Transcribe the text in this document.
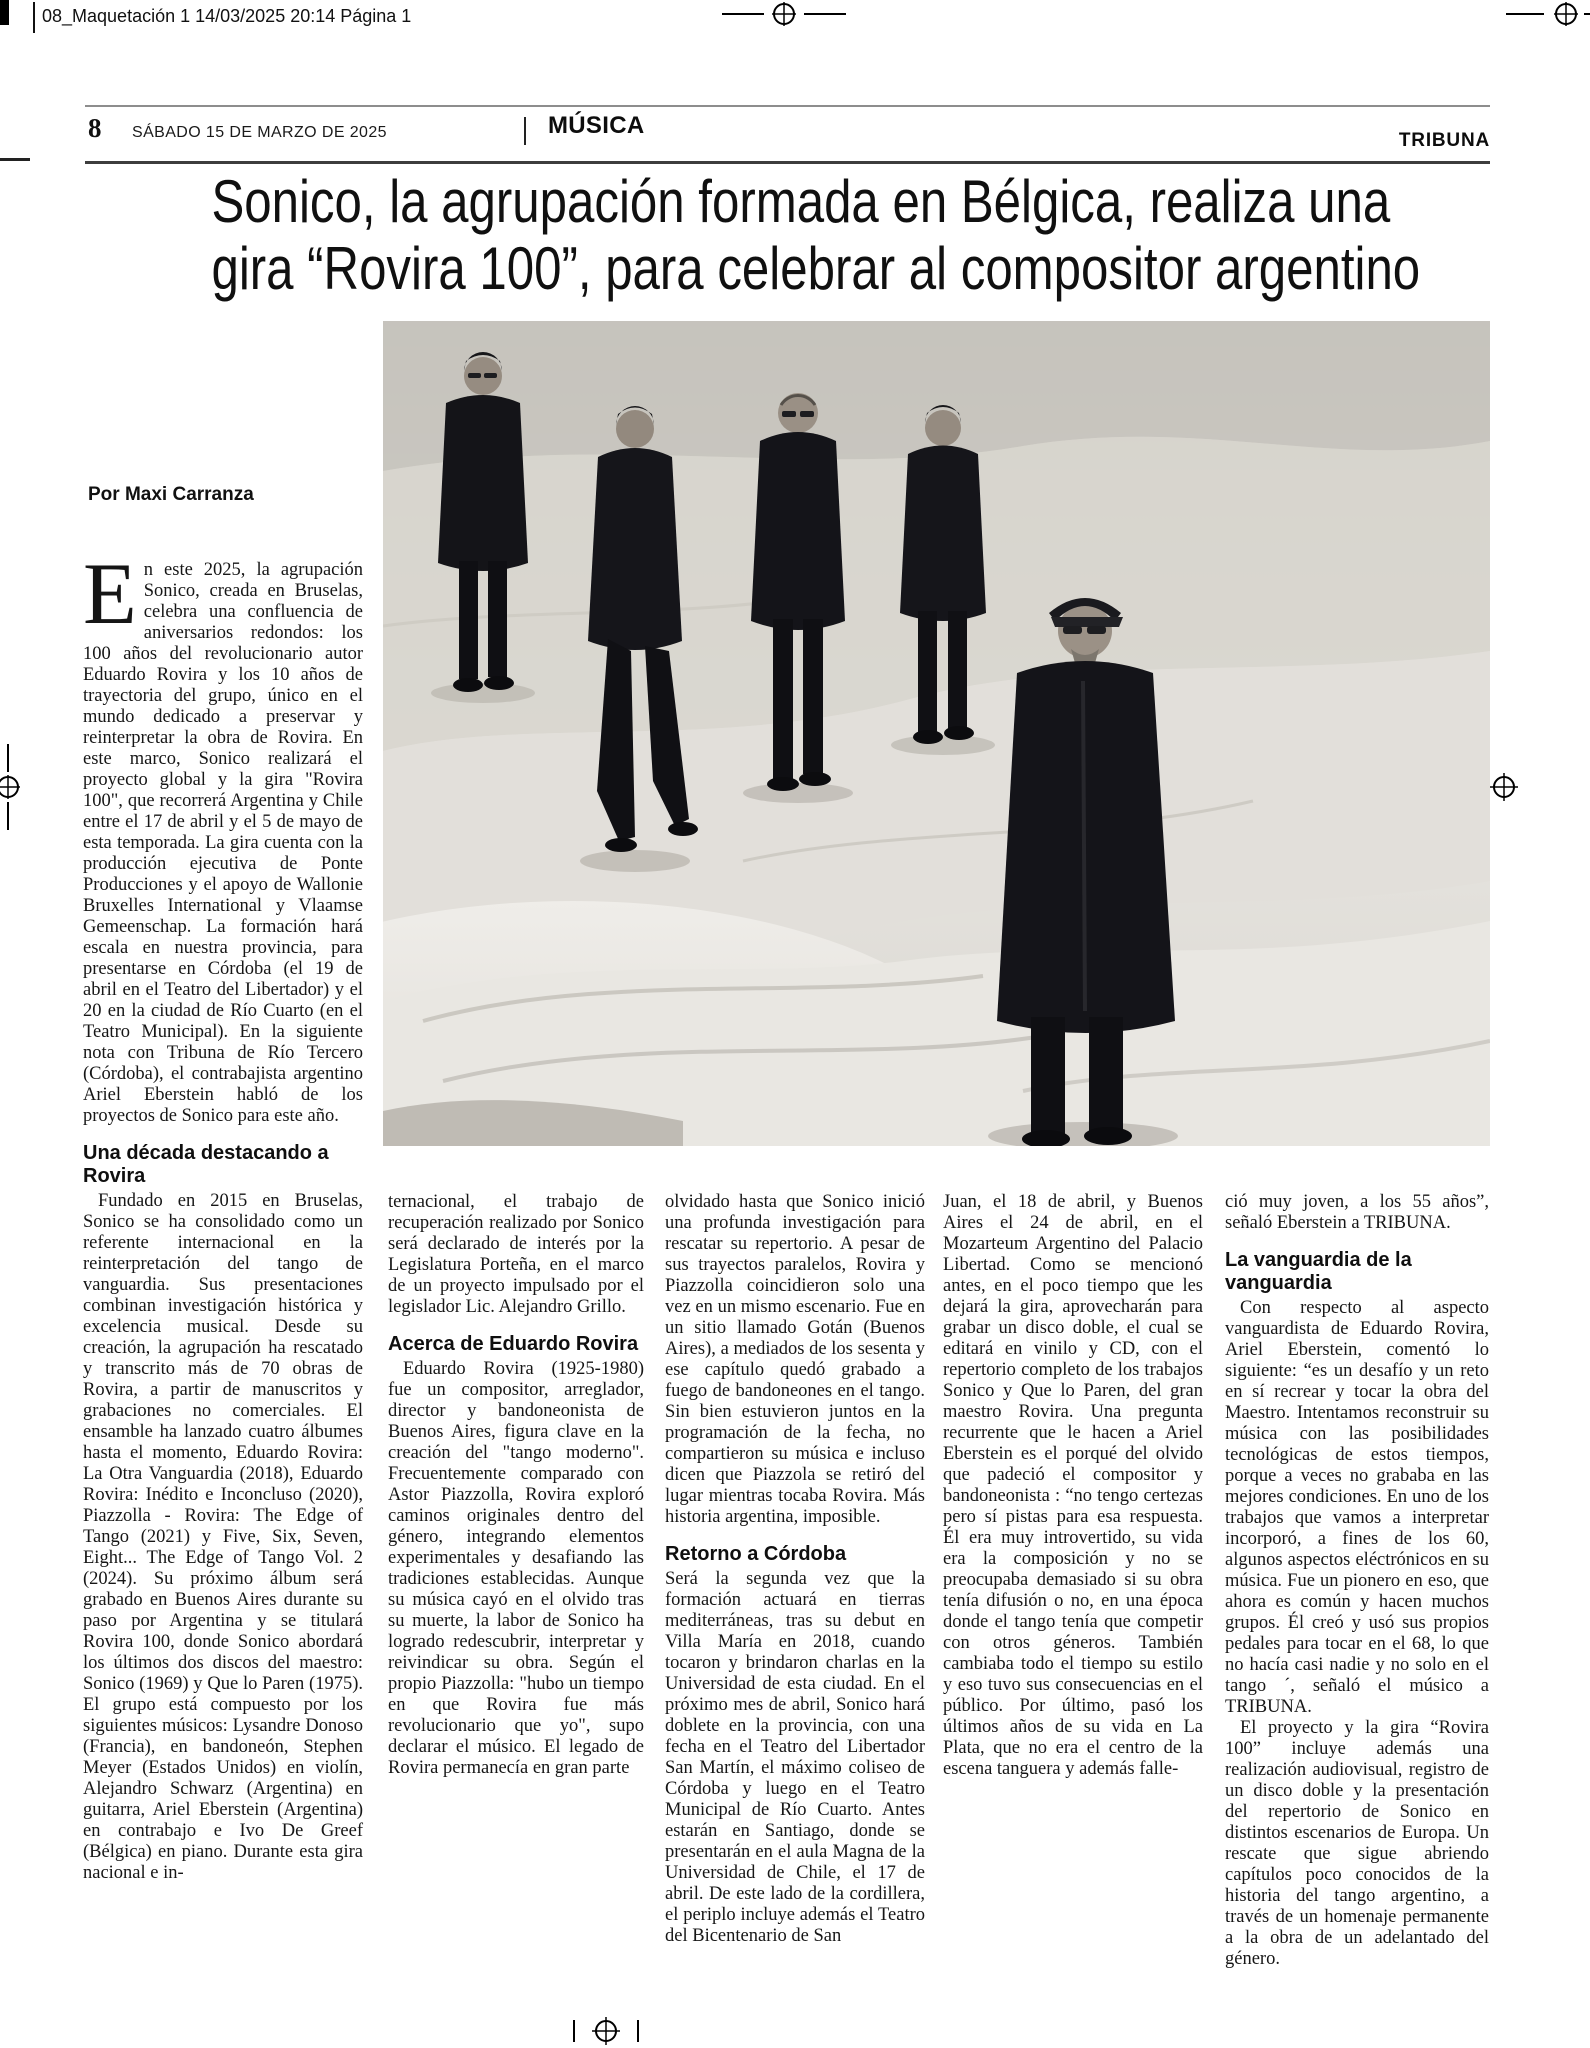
08_Maquetación 1 14/03/2025 20:14 Página 1
8 SÁBADO 15 DE MARZO DE 2025	MÚSICA
TRIBUNA
Sonico, la agrupación formada en Bélgica, realiza una
gira “Rovira 100”, para celebrar al compositor argentino
Por Maxi Carranza

En este 2025, la agrupación Sonico, creada en Bruselas, celebra una confluencia de aniversarios redondos: los 100 años del revolucionario autor Eduardo Rovira y los 10 años de trayectoria del grupo, único en el mundo dedicado a preservar y reinterpretar la obra de Rovira. En este marco, Sonico realizará el proyecto global y la gira "Rovira 100", que recorrerá Argentina y Chile entre el 17 de abril y el 5 de mayo de esta temporada. La gira cuenta con la producción ejecutiva de Ponte Producciones y el apoyo de Wallonie Bruxelles International y Vlaamse Gemeenschap. La formación hará escala en nuestra provincia, para presentarse en Córdoba (el 19 de abril en el Teatro del Libertador) y el 20 en la ciudad de Río Cuarto (en el Teatro Municipal). En la siguiente nota con Tribuna de Río Tercero (Córdoba), el contrabajista argentino Ariel Eberstein habló de los proyectos de Sonico para este año.

Una década destacando a Rovira

Fundado en 2015 en Bruselas, Sonico se ha consolidado como un referente internacional en la reinterpretación del tango de vanguardia. Sus presentaciones combinan investigación histórica y excelencia musical. Desde su creación, la agrupación ha rescatado y transcrito más de 70 obras de Rovira, a partir de manuscritos y grabaciones no comerciales. El ensamble ha lanzado cuatro álbumes hasta el momento, Eduardo Rovira: La Otra Vanguardia (2018), Eduardo Rovira: Inédito e Inconcluso (2020), Piazzolla - Rovira: The Edge of Tango (2021) y Five, Six, Seven, Eight... The Edge of Tango Vol. 2 (2024). Su próximo álbum será grabado en Buenos Aires durante su paso por Argentina y se titulará Rovira 100, donde Sonico abordará los últimos dos discos del maestro: Sonico (1969) y Que lo Paren (1975). El grupo está compuesto por los siguientes músicos: Lysandre Donoso (Francia), en bandoneón, Stephen Meyer (Estados Unidos) en violín, Alejandro Schwarz (Argentina) en guitarra, Ariel Eberstein (Argentina) en contrabajo e Ivo De Greef (Bélgica) en piano. Durante esta gira nacional e in-

ternacional, el trabajo de recuperación realizado por Sonico será declarado de interés por la Legislatura Porteña, en el marco de un proyecto impulsado por el legislador Lic. Alejandro Grillo.

Acerca de Eduardo Rovira

Eduardo Rovira (1925-1980) fue un compositor, arreglador, director y bandoneonista de Buenos Aires, figura clave en la creación del "tango moderno". Frecuentemente comparado con Astor Piazzolla, Rovira exploró caminos originales dentro del género, integrando elementos experimentales y desafiando las tradiciones establecidas. Aunque su música cayó en el olvido tras su muerte, la labor de Sonico ha logrado redescubrir, interpretar y reivindicar su obra. Según el propio Piazzolla: "hubo un tiempo en que Rovira fue más revolucionario que yo", supo declarar el músico. El legado de Rovira permanecía en gran parte

olvidado hasta que Sonico inició una profunda investigación para rescatar su repertorio. A pesar de sus trayectos paralelos, Rovira y Piazzolla coincidieron solo una vez en un mismo escenario. Fue en un sitio llamado Gotán (Buenos Aires), a mediados de los sesenta y ese capítulo quedó grabado a fuego de bandoneones en el tango. Sin bien estuvieron juntos en la programación de la fecha, no compartieron su música e incluso dicen que Piazzola se retiró del lugar mientras tocaba Rovira. Más historia argentina, imposible.

Retorno a Córdoba

Será la segunda vez que la formación actuará en tierras mediterráneas, tras su debut en Villa María en 2018, cuando tocaron y brindaron charlas en la Universidad de esta ciudad. En el próximo mes de abril, Sonico hará doblete en la provincia, con una fecha en el Teatro del Libertador San Martín, el máximo coliseo de Córdoba y luego en el Teatro Municipal de Río Cuarto. Antes estarán en Santiago, donde se presentarán en el aula Magna de la Universidad de Chile, el 17 de abril. De este lado de la cordillera, el periplo incluye además el Teatro del Bicentenario de San

Juan, el 18 de abril, y Buenos Aires el 24 de abril, en el Mozarteum Argentino del Palacio Libertad. Como se mencionó antes, en el poco tiempo que les dejará la gira, aprovecharán para grabar un disco doble, el cual se editará en vinilo y CD, con el repertorio completo de los trabajos Sonico y Que lo Paren, del gran maestro Rovira. Una pregunta recurrente que le hacen a Ariel Eberstein es el porqué del olvido que padeció el compositor y bandoneonista : “no tengo certezas pero sí pistas para esa respuesta. Él era muy introvertido, su vida era la composición y no se preocupaba demasiado si su obra tenía difusión o no, en una época donde el tango tenía que competir con otros géneros. También cambiaba todo el tiempo su estilo y eso tuvo sus consecuencias en el público. Por último, pasó los últimos años de su vida en La Plata, que no era el centro de la escena tanguera y además falle-

ció muy joven, a los 55 años”, señaló Eberstein a TRIBUNA.

La vanguardia de la vanguardia

Con respecto al aspecto vanguardista de Eduardo Rovira, Ariel Eberstein, comentó lo siguiente: “es un desafío y un reto en sí recrear y tocar la obra del Maestro. Intentamos reconstruir su música con las posibilidades tecnológicas de estos tiempos, porque a veces no grababa en las mejores condiciones. En uno de los trabajos que vamos a interpretar incorporó, a fines de los 60, algunos aspectos eléctrónicos en su música. Fue un pionero en eso, que ahora es común y hacen muchos grupos. Él creó y usó sus propios pedales para tocar en el 68, lo que no hacía casi nadie y no solo en el tango ´, señaló el músico a TRIBUNA.

El proyecto y la gira “Rovira 100” incluye además una realización audiovisual, registro de un disco doble y la presentación del repertorio de Sonico en distintos escenarios de Europa. Un rescate que sigue abriendo capítulos poco conocidos de la historia del tango argentino, a través de un homenaje permanente a la obra de un adelantado del género.
